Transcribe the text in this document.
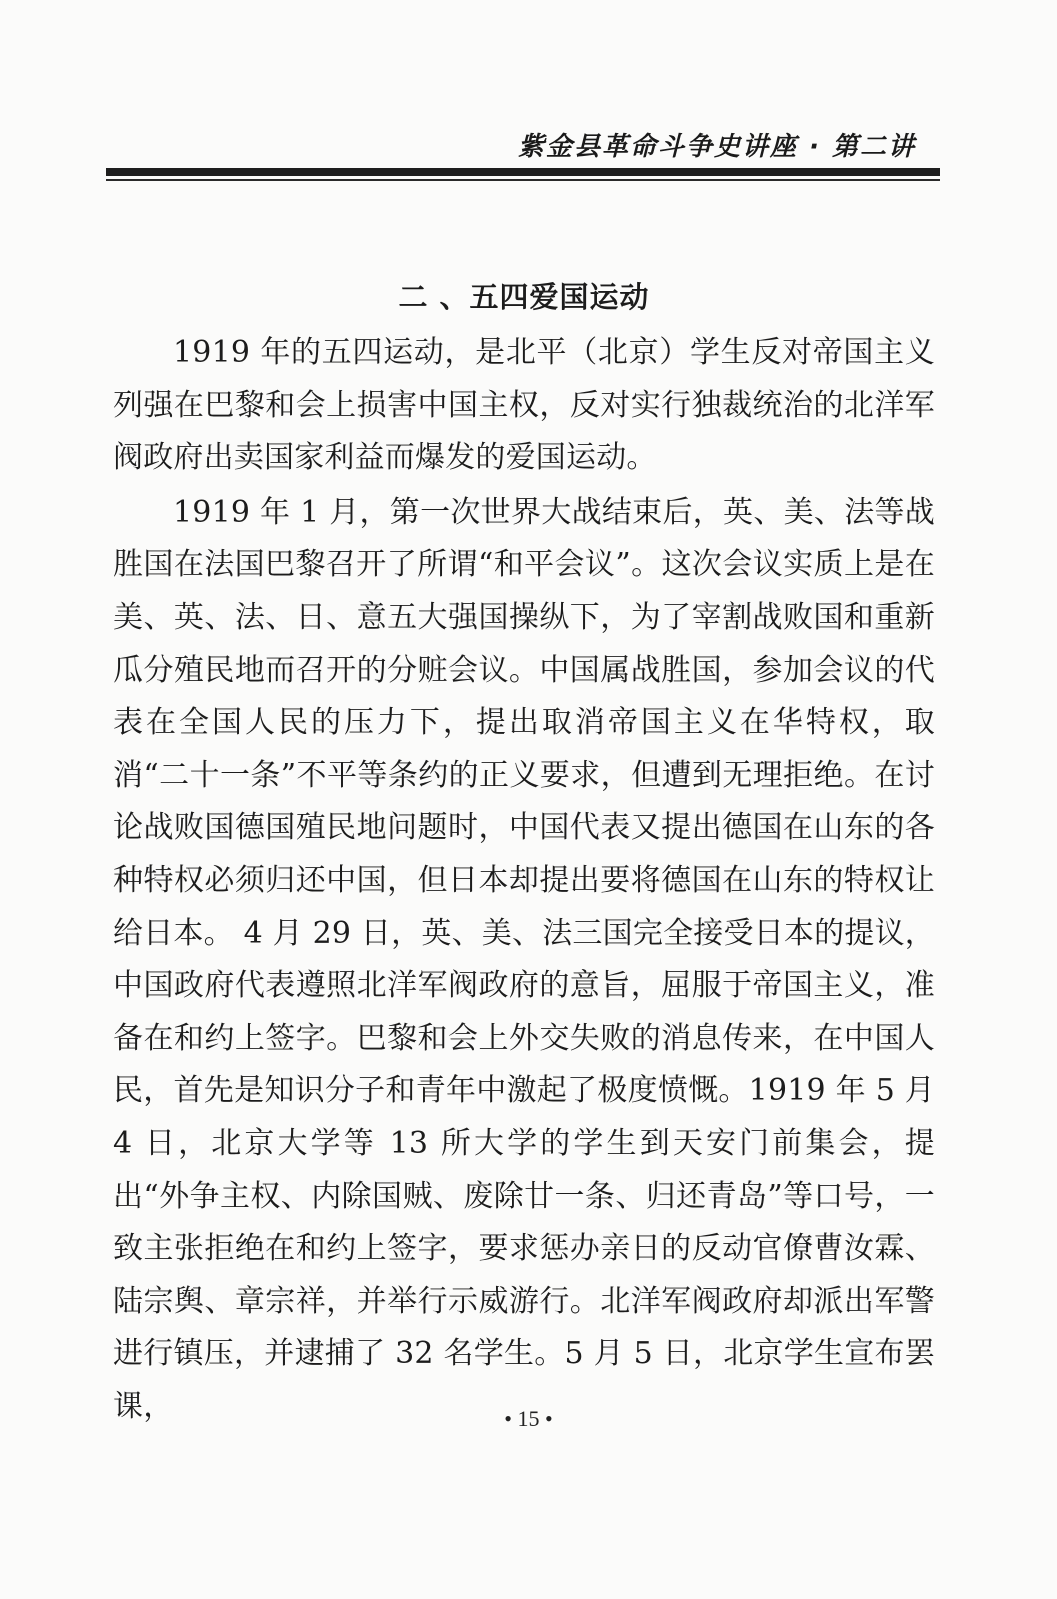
紫金县革命斗争史讲座 · 第二讲
二 、五四爱国运动

1919 年的五四运动，是北平（北京）学生反对帝国主义列强在巴黎和会上损害中国主权，反对实行独裁统治的北洋军阀政府出卖国家利益而爆发的爱国运动。

1919 年 1 月，第一次世界大战结束后，英、美、法等战胜国在法国巴黎召开了所谓“和平会议”。这次会议实质上是在美、英、法、日、意五大强国操纵下，为了宰割战败国和重新瓜分殖民地而召开的分赃会议。中国属战胜国，参加会议的代表在全国人民的压力下，提出取消帝国主义在华特权，取消“二十一条”不平等条约的正义要求，但遭到无理拒绝。在讨论战败国德国殖民地问题时，中国代表又提出德国在山东的各种特权必须归还中国，但日本却提出要将德国在山东的特权让给日本。 4 月 29 日，英、美、法三国完全接受日本的提议，中国政府代表遵照北洋军阀政府的意旨，屈服于帝国主义，准备在和约上签字。巴黎和会上外交失败的消息传来，在中国人民，首先是知识分子和青年中激起了极度愤慨。1919 年 5 月 4 日，北京大学等 13 所大学的学生到天安门前集会，提出“外争主权、内除国贼、废除廿一条、归还青岛”等口号，一致主张拒绝在和约上签字，要求惩办亲日的反动官僚曹汝霖、陆宗舆、章宗祥，并举行示威游行。北洋军阀政府却派出军警进行镇压，并逮捕了 32 名学生。5 月 5 日，北京学生宣布罢课，	• 15 •
